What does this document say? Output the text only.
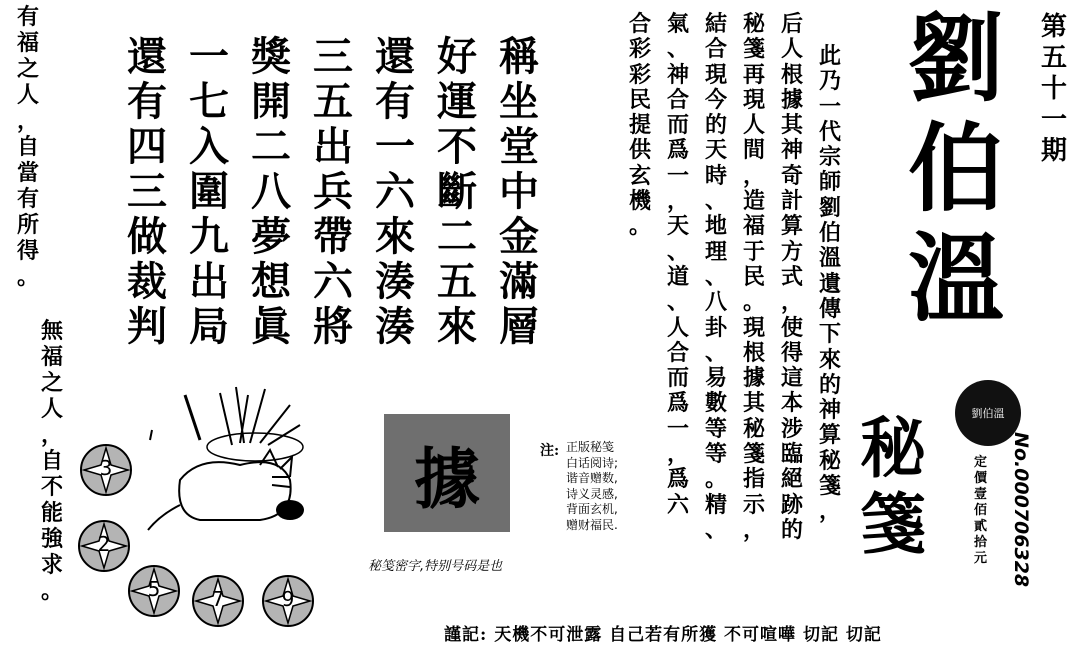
第
五
十
一
期
劉
伯
溫
劉伯溫
秘
箋
定
價
壹
佰
貳
拾
元 No.000706328
此
乃
一
代
宗
師
劉
伯
溫
遺
傳
下
來
的
神
算
秘
箋
，
后
人
根
據
其
神
奇
計
算
方
式
，
使
得
這
本
涉
臨
絕
跡
的
秘
箋
再
現
人
間
，
造
福
于
民
。
現
根
據
其
秘
箋
指
示
，
結
合
現
今
的
天
時
、
地
理
、
八
卦
、
易
數
等
等
。
精
、
氣
、
神
合
而
爲
一
，
天
、
道
、
人
合
而
爲
一
，
爲
六
合
彩
彩
民
提
供
玄
機
。
稱
坐
堂
中
金
滿
層
好
運
不
斷
二
五
來
還
有
一
六
來
湊
湊
三
五
出
兵
帶
六
將
獎
開
二
八
夢
想
眞
一
七
入
圍
九
出
局
還
有
四
三
做
裁
判
有
福
之
人
，
自
當
有
所
得
。
無
福
之
人
，
自
不
能
強
求
。
據	注: 正版秘笺
白话阅诗;
谐音赠数,
诗义灵感,
背面玄机,
赠财福民.
秘笺密字,特别号码是也
3
2
5	7	9
謹記: 天機不可泄露 自己若有所獲 不可喧嘩 切記 切記
